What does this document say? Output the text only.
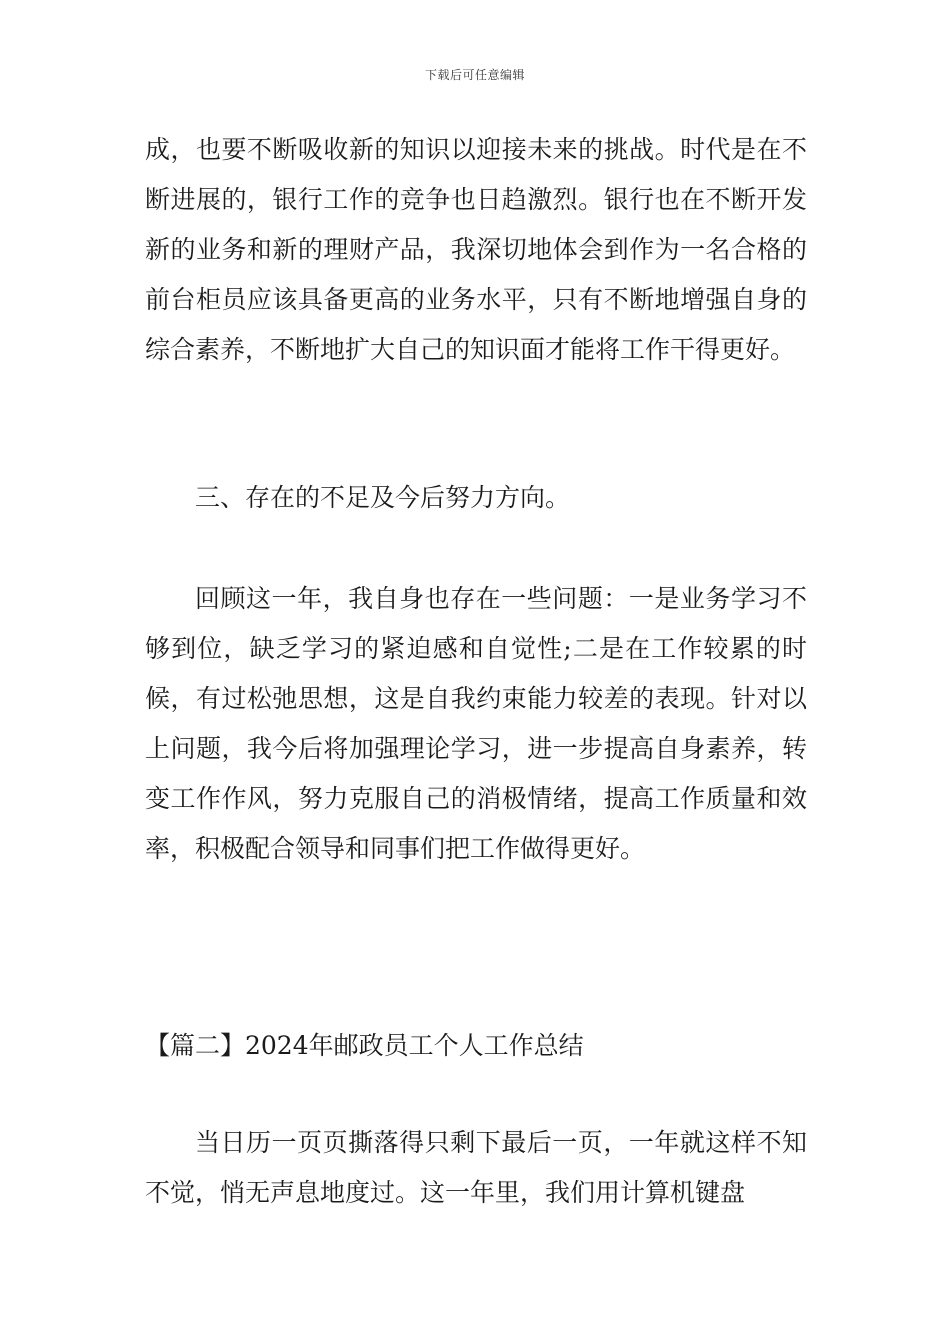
下载后可任意编辑

成，也要不断吸收新的知识以迎接未来的挑战。时代是在不断进展的，银行工作的竞争也日趋激烈。银行也在不断开发新的业务和新的理财产品，我深切地体会到作为一名合格的前台柜员应该具备更高的业务水平，只有不断地增强自身的综合素养，不断地扩大自己的知识面才能将工作干得更好。

三、存在的不足及今后努力方向。

回顾这一年，我自身也存在一些问题：一是业务学习不够到位，缺乏学习的紧迫感和自觉性;二是在工作较累的时候，有过松弛思想，这是自我约束能力较差的表现。针对以上问题，我今后将加强理论学习，进一步提高自身素养，转变工作作风，努力克服自己的消极情绪，提高工作质量和效率，积极配合领导和同事们把工作做得更好。

【篇二】2024年邮政员工个人工作总结

当日历一页页撕落得只剩下最后一页，一年就这样不知不觉，悄无声息地度过。这一年里，我们用计算机键盘
